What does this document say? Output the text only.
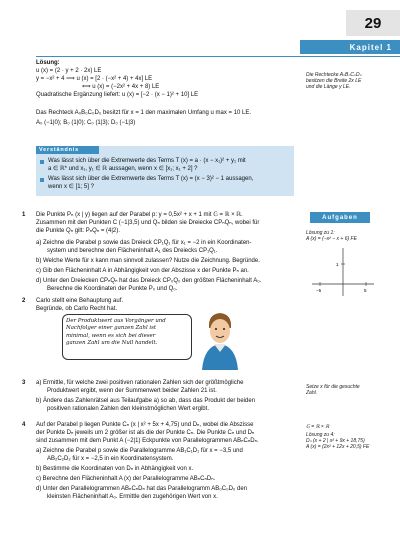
29
Kapitel 1
Lösung:
u (x) = (2 · y + 2 · 2x) LE
y = −x² + 4 ⟹ u (x) = [2 · (−x² + 4) + 4x] LE
⟺ u (x) = (−2x² + 4x + 8) LE
Quadratische Ergänzung liefert: u (x) = [−2 · (x − 1)² + 10] LE
Das Rechteck A₀B₀C₀D₀ besitzt für x = 1 den maximalen Umfang u max = 10 LE.
A₀ (−1|0); B₀ (1|0); C₀ (1|3); D₀ (−1|3)
Die Rechtecke AₙBₙCₙDₙ
besitzen die Breite 2x LE
und die Länge y LE.
Verständnis
Was lässt sich über die Extremwerte des Terms T (x) = a · (x − x₁)² + y₁ mit
a ∈ ℝ* und x₁, y₁ ∈ ℝ aussagen, wenn x ∈ [x₁; x₁ + 2] ?
Was lässt sich über die Extremwerte des Terms T (x) = (x − 3)² − 1 aussagen,
wenn x ∈ [1; 5] ?
Aufgaben
1 Die Punkte Pₙ (x | y) liegen auf der Parabel p: y = 0,5x² + x + 1 mit 𝔾 = ℝ × ℝ.
Zusammen mit den Punkten C (−1|3,5) und Qₙ bilden sie Dreiecke CPₙQₙ, wobei für
die Punkte Qₙ gilt: PₙQₙ = (4|2).
a) Zeichne die Parabel p sowie das Dreieck CP₁Q₁ für x₁ = −2 in ein Koordinaten-
system und berechne den Flächeninhalt A₁ des Dreiecks CP₁Q₁.
b) Welche Werte für x kann man sinnvoll zulassen? Nutze die Zeichnung. Begründe.
c) Gib den Flächeninhalt A in Abhängigkeit von der Abszisse x der Punkte Pₙ an.
d) Unter den Dreiecken CPₙQₙ hat das Dreieck CP₀Q₀ den größten Flächeninhalt A₀.
Berechne die Koordinaten der Punkte P₀ und Q₀.
Lösung zu 1:
A (x) = (−x² − x + 6) FE
1
−5	5
2 Carlo stellt eine Behauptung auf.
Begründe, ob Carlo Recht hat.
Der Produktwert aus Vorgänger und
Nachfolger einer ganzen Zahl ist
minimal, wenn es sich bei dieser
ganzen Zahl um die Null handelt.
3 a) Ermittle, für welche zwei positiven rationalen Zahlen sich der größtmögliche
Produktwert ergibt, wenn der Summenwert beider Zahlen 21 ist.
b) Ändere das Zahlenrätsel aus Teilaufgabe a) so ab, dass das Produkt der beiden
positiven rationalen Zahlen den kleinstmöglichen Wert ergibt.
Setze x für die gesuchte
Zahl.
4 Auf der Parabel p liegen Punkte Cₙ (x | x² + 5x + 4,75) und Dₙ, wobei die Abszisse
der Punkte Dₙ jeweils um 2 größer ist als die der Punkte Cₙ. Die Punkte Cₙ und Dₙ
sind zusammen mit dem Punkt A (−2|1) Eckpunkte von Parallelogrammen ABₙCₙDₙ.
a) Zeichne die Parabel p sowie die Parallelogramme AB₁C₁D₁ für x = −3,5 und
AB₂C₂D₂ für x = −2,5 in ein Koordinatensystem.
b) Bestimme die Koordinaten von Dₙ in Abhängigkeit von x.
c) Berechne den Flächeninhalt A (x) der Parallelogramme ABₙCₙDₙ.
d) Unter den Parallelogrammen ABₙCₙDₙ hat das Parallelogramm AB₀C₀D₀ den
kleinsten Flächeninhalt A₀. Ermittle den zugehörigen Wert von x.
𝔾 = ℝ × ℝ
Lösung zu 4:
Dₙ (x + 2 | x² + 9x + 18,75)
A (x) = (2x² + 12x + 20,5) FE
